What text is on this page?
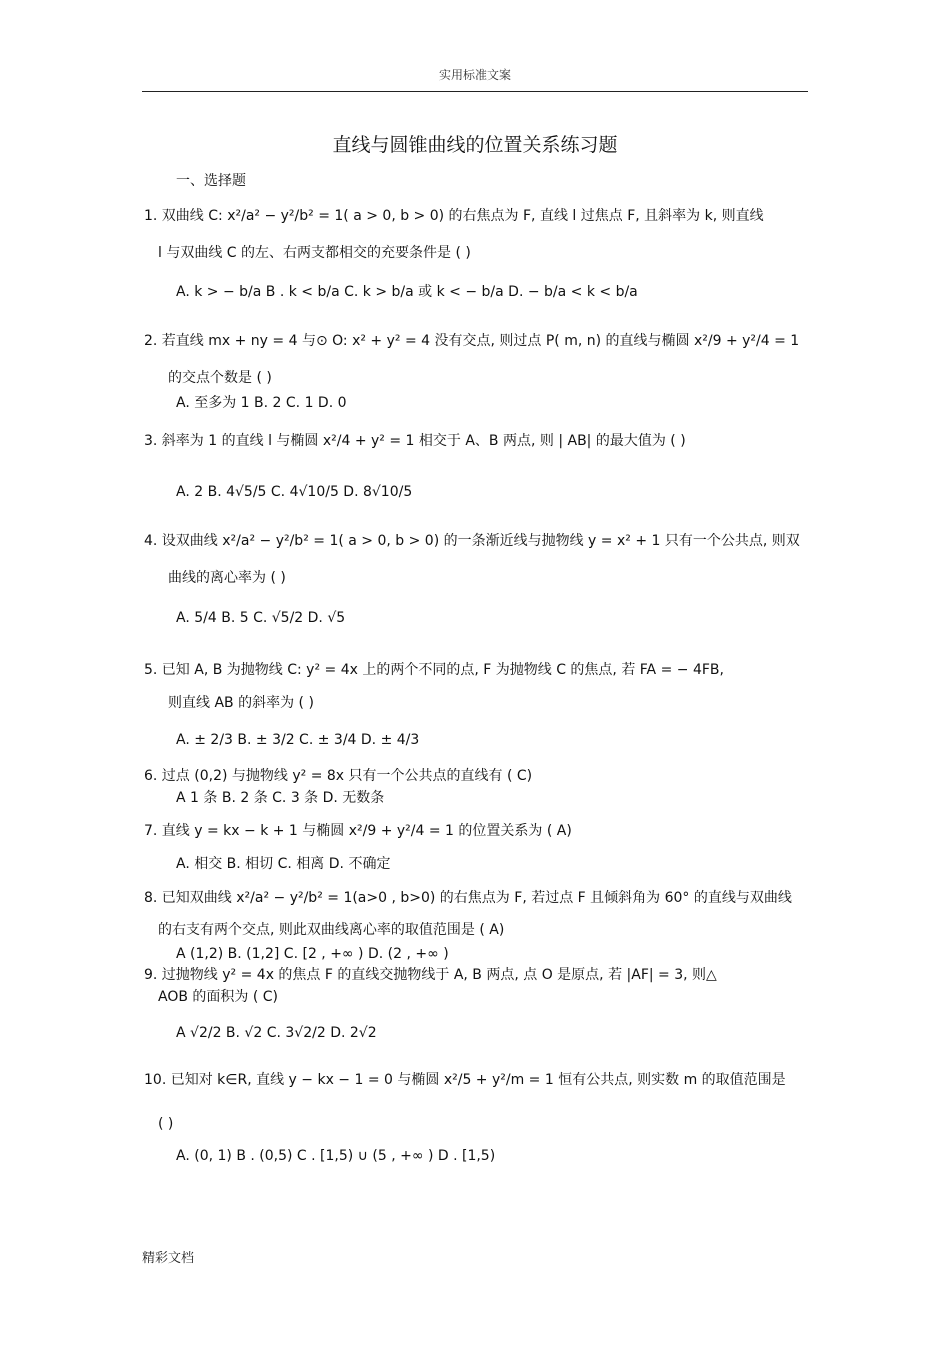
实用标准文案
直线与圆锥曲线的位置关系练习题
一、选择题
1. 双曲线 C: x²/a² − y²/b² = 1( a > 0, b > 0) 的右焦点为 F, 直线 l 过焦点 F, 且斜率为 k, 则直线
l 与双曲线 C 的左、右两支都相交的充要条件是 ( )
A. k > − b/a B . k < b/a C. k > b/a 或 k < − b/a D. − b/a < k < b/a
2. 若直线 mx + ny = 4 与⊙ O: x² + y² = 4 没有交点, 则过点 P( m, n) 的直线与椭圆 x²/9 + y²/4 = 1
的交点个数是 ( )
A. 至多为 1 B. 2 C. 1 D. 0
3. 斜率为 1 的直线 l 与椭圆 x²/4 + y² = 1 相交于 A、B 两点, 则 | AB| 的最大值为 ( )
A. 2 B. 4√5/5 C. 4√10/5 D. 8√10/5
4. 设双曲线 x²/a² − y²/b² = 1( a > 0, b > 0) 的一条渐近线与抛物线 y = x² + 1 只有一个公共点, 则双
曲线的离心率为 ( )
A. 5/4 B. 5 C. √5/2 D. √5
5. 已知 A, B 为抛物线 C: y² = 4x 上的两个不同的点, F 为抛物线 C 的焦点, 若 FA = − 4FB,
则直线 AB 的斜率为 ( )
A. ± 2/3 B. ± 3/2 C. ± 3/4 D. ± 4/3
6. 过点 (0,2) 与抛物线 y² = 8x 只有一个公共点的直线有 ( C)
A 1 条 B. 2 条 C. 3 条 D. 无数条
7. 直线 y = kx − k + 1 与椭圆 x²/9 + y²/4 = 1 的位置关系为 ( A)
A. 相交 B. 相切 C. 相离 D. 不确定
8. 已知双曲线 x²/a² − y²/b² = 1(a>0 , b>0) 的右焦点为 F, 若过点 F 且倾斜角为 60° 的直线与双曲线
的右支有两个交点, 则此双曲线离心率的取值范围是 ( A)
A (1,2) B. (1,2] C. [2 , +∞ ) D. (2 , +∞ )
9. 过抛物线 y² = 4x 的焦点 F 的直线交抛物线于 A, B 两点, 点 O 是原点, 若 |AF| = 3, 则△
AOB 的面积为 ( C)
A √2/2 B. √2 C. 3√2/2 D. 2√2
10. 已知对 k∈R, 直线 y − kx − 1 = 0 与椭圆 x²/5 + y²/m = 1 恒有公共点, 则实数 m 的取值范围是
( )
A. (0, 1) B . (0,5) C . [1,5) ∪ (5 , +∞ ) D . [1,5)
精彩文档
